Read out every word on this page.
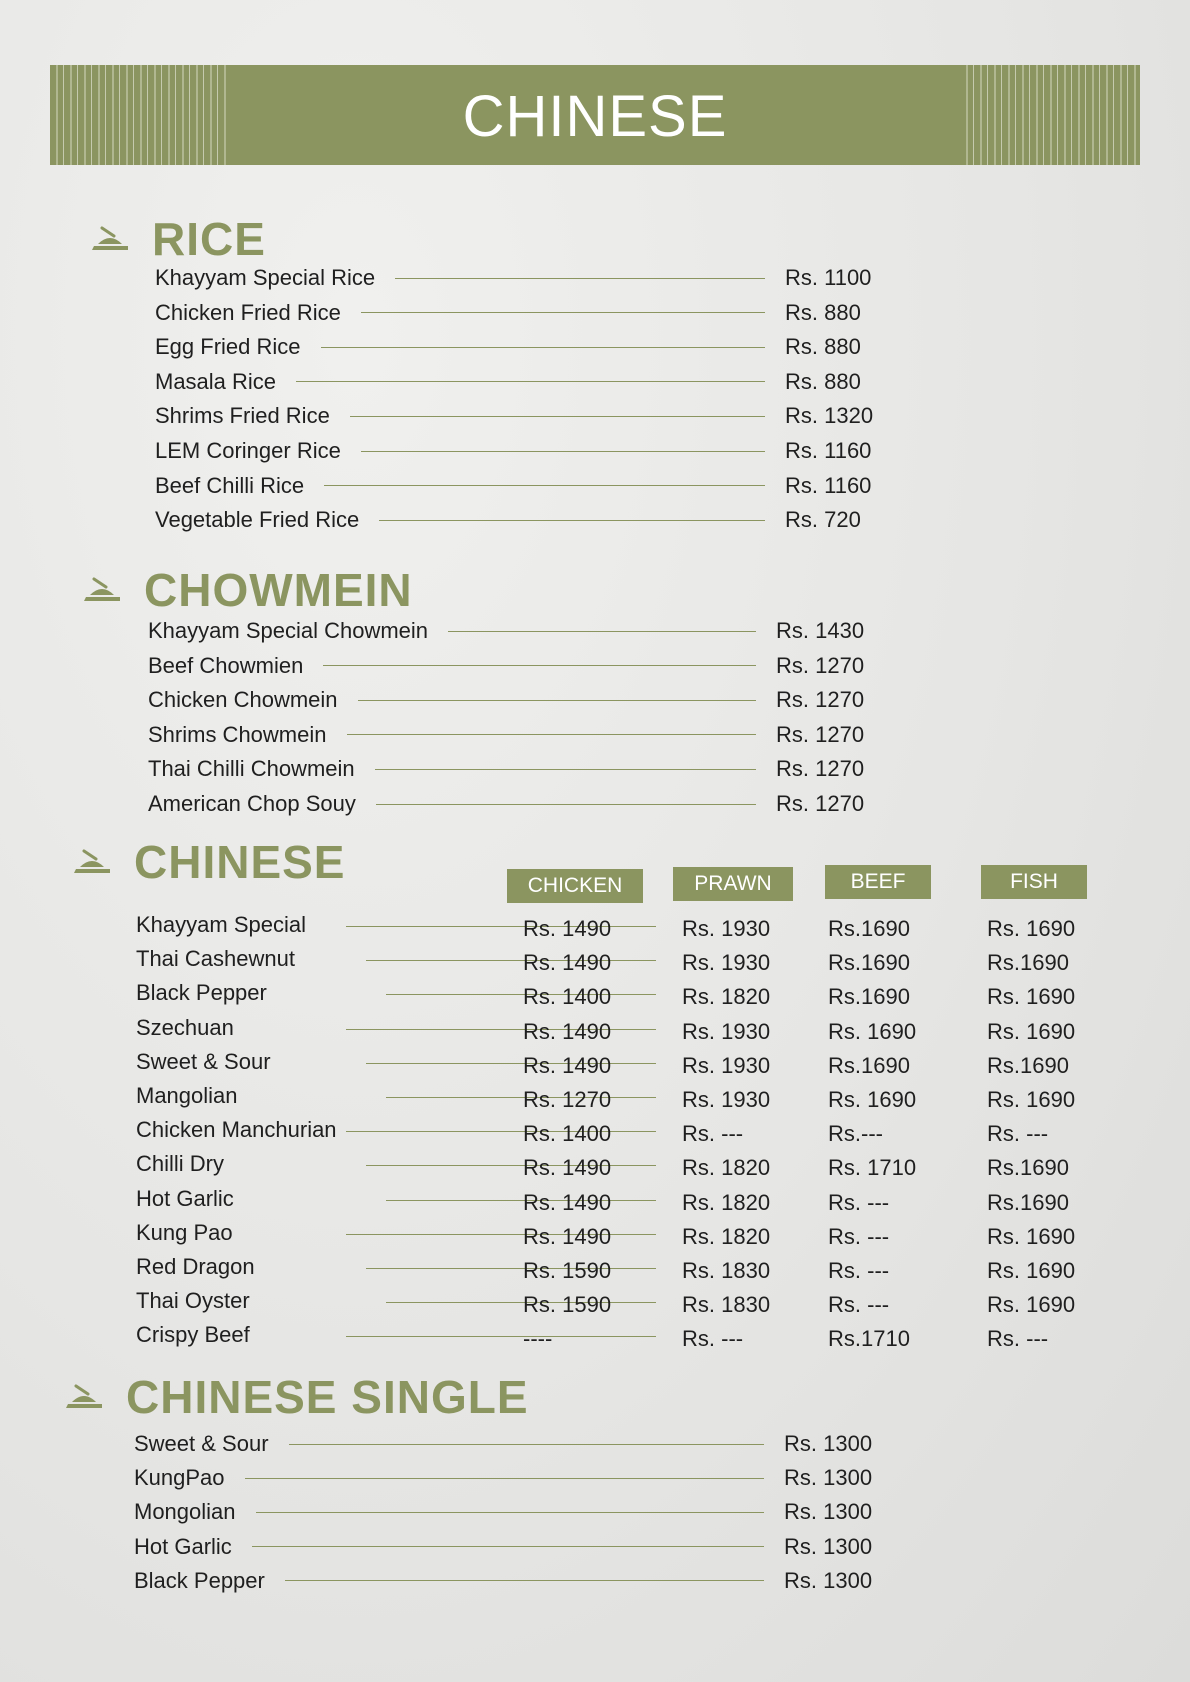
CHINESE
RICE
Khayyam Special Rice	Rs. 1100
Chicken Fried Rice	Rs. 880
Egg Fried Rice	Rs. 880
Masala Rice	Rs. 880
Shrims Fried Rice	Rs. 1320
LEM Coringer Rice	Rs. 1160
Beef Chilli Rice	Rs. 1160
Vegetable Fried Rice	Rs. 720
CHOWMEIN
Khayyam Special Chowmein	Rs. 1430
Beef Chowmien	Rs. 1270
Chicken Chowmein	Rs. 1270
Shrims Chowmein	Rs. 1270
Thai Chilli Chowmein	Rs. 1270
American Chop Souy	Rs. 1270
CHINESE	CHICKEN	PRAWN	BEEF	FISH
Khayyam Special	Rs. 1490	Rs. 1930	Rs.1690	Rs. 1690
Thai Cashewnut	Rs. 1490	Rs. 1930	Rs.1690	Rs.1690
Black Pepper	Rs. 1400	Rs. 1820	Rs.1690	Rs. 1690
Szechuan	Rs. 1490	Rs. 1930	Rs. 1690	Rs. 1690
Sweet & Sour	Rs. 1490	Rs. 1930	Rs.1690	Rs.1690
Mangolian	Rs. 1270	Rs. 1930	Rs. 1690	Rs. 1690
Chicken Manchurian	Rs. 1400	Rs. ---	Rs.---	Rs. ---
Chilli Dry	Rs. 1490	Rs. 1820	Rs. 1710	Rs.1690
Hot Garlic	Rs. 1490	Rs. 1820	Rs. ---	Rs.1690
Kung Pao	Rs. 1490	Rs. 1820	Rs. ---	Rs. 1690
Red Dragon	Rs. 1590	Rs. 1830	Rs. ---	Rs. 1690
Thai Oyster	Rs. 1590	Rs. 1830	Rs. ---	Rs. 1690
Crispy Beef	----	Rs. ---	Rs.1710	Rs. ---
CHINESE SINGLE
Sweet & Sour	Rs. 1300
KungPao	Rs. 1300
Mongolian	Rs. 1300
Hot Garlic	Rs. 1300
Black Pepper	Rs. 1300
